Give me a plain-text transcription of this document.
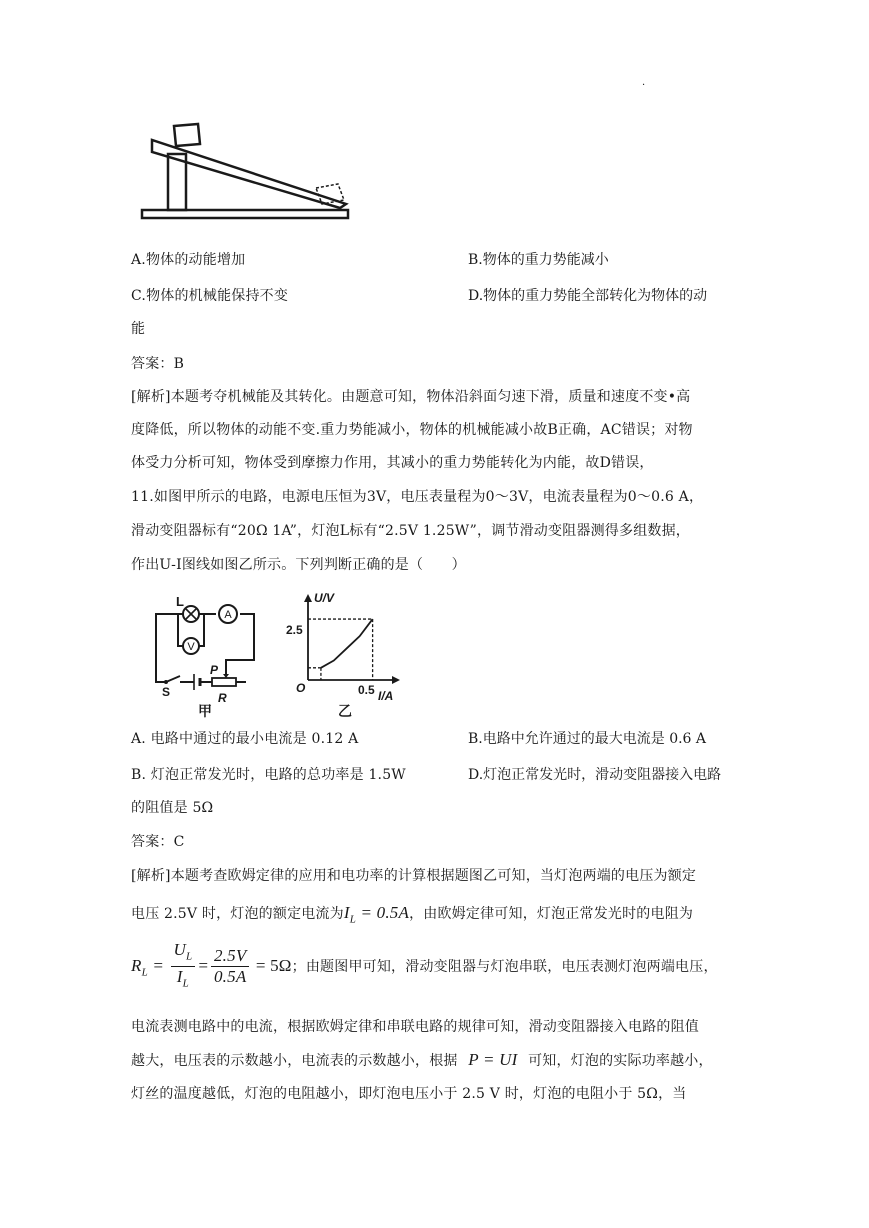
·
A.物体的动能增加	B.物体的重力势能减小
C.物体的机械能保持不变	D.物体的重力势能全部转化为物体的动
能
答案：B
[解析]本题考夺机械能及其转化。由题意可知，物体沿斜面匀速下滑，质量和速度不变•高
度降低，所以物体的动能不变.重力势能减小，物体的机械能减小故B正确，AC错误；对物
体受力分析可知，物体受到摩擦力作用，其减小的重力势能转化为内能，故D错误，
11.如图甲所示的电路，电源电压恒为3V，电压表量程为0～3V，电流表量程为0～0.6 A，
滑动变阻器标有“20Ω 1A”，灯泡L标有“2.5V 1.25W”，调节滑动变阻器测得多组数据，
作出U-I图线如图乙所示。下列判断正确的是（　　）
L
A
V
P
R
S
甲
U/V
I/A
O
2.5
0.5
乙
A. 电路中通过的最小电流是 0.12 A	B.电路中允许通过的最大电流是 0.6 A
B. 灯泡正常发光时，电路的总功率是 1.5W	D.灯泡正常发光时，滑动变阻器接入电路
的阻值是 5Ω
答案：C
[解析]本题考查欧姆定律的应用和电功率的计算根据题图乙可知，当灯泡两端的电压为额定
电压 2.5V 时，灯泡的额定电流为$I_L = 0.5A$，由欧姆定律可知，灯泡正常发光时的电阻为
$R_L = \frac{U_L}{I_L} = \frac{2.5V}{0.5A} = 5\Omega$；由题图甲可知，滑动变阻器与灯泡串联，电压表测灯泡两端电压，
电流表测电路中的电流，根据欧姆定律和串联电路的规律可知，滑动变阻器接入电路的阻值
越大，电压表的示数越小，电流表的示数越小，根据 P = UI 可知，灯泡的实际功率越小，
灯丝的温度越低，灯泡的电阻越小，即灯泡电压小于 2.5 V 时，灯泡的电阻小于 5Ω，当
